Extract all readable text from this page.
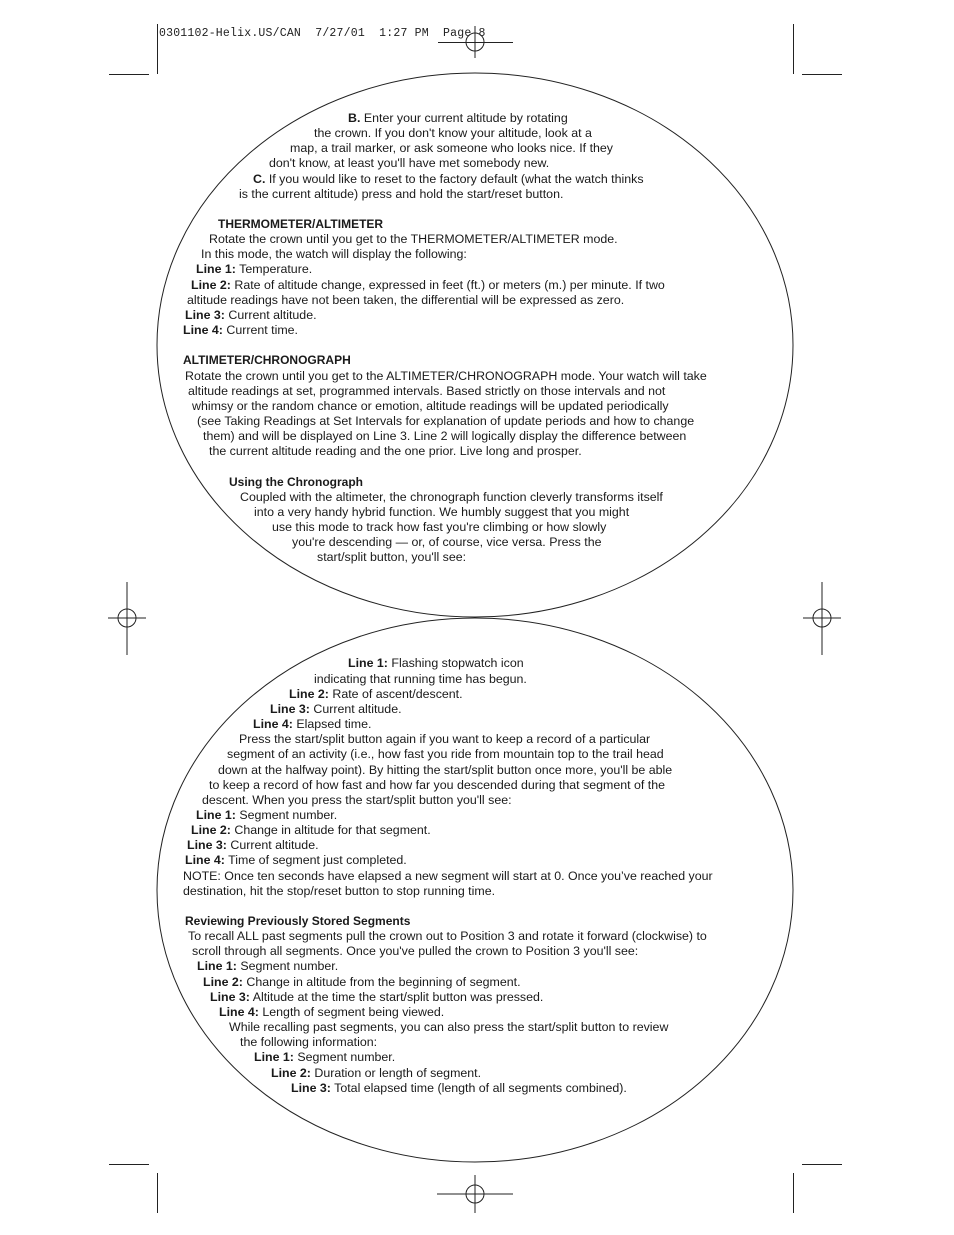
0301102-Helix.US/CAN  7/27/01  1:27 PM  Page 8
B. Enter your current altitude by rotating
the crown. If you don't know your altitude, look at a
map, a trail marker, or ask someone who looks nice. If they
don't know, at least you'll have met somebody new.
C. If you would like to reset to the factory default (what the watch thinks
is the current altitude) press and hold the start/reset button.
THERMOMETER/ALTIMETER
Rotate the crown until you get to the THERMOMETER/ALTIMETER mode.
In this mode, the watch will display the following:
Line 1: Temperature.
Line 2: Rate of altitude change, expressed in feet (ft.) or meters (m.) per minute. If two
altitude readings have not been taken, the differential will be expressed as zero.
Line 3: Current altitude.
Line 4: Current time.
ALTIMETER/CHRONOGRAPH
Rotate the crown until you get to the ALTIMETER/CHRONOGRAPH mode. Your watch will take
altitude readings at set, programmed intervals. Based strictly on those intervals and not
whimsy or the random chance or emotion, altitude readings will be updated periodically
(see Taking Readings at Set Intervals for explanation of update periods and how to change
them) and will be displayed on Line 3. Line 2 will logically display the difference between
the current altitude reading and the one prior. Live long and prosper.
Using the Chronograph
Coupled with the altimeter, the chronograph function cleverly transforms itself
into a very handy hybrid function. We humbly suggest that you might
use this mode to track how fast you're climbing or how slowly
you're descending — or, of course, vice versa. Press the
start/split button, you'll see:
Line 1: Flashing stopwatch icon
indicating that running time has begun.
Line 2: Rate of ascent/descent.
Line 3: Current altitude.
Line 4: Elapsed time.
Press the start/split button again if you want to keep a record of a particular
segment of an activity (i.e., how fast you ride from mountain top to the trail head
down at the halfway point). By hitting the start/split button once more, you'll be able
to keep a record of how fast and how far you descended during that segment of the
descent. When you press the start/split button you'll see:
Line 1: Segment number.
Line 2: Change in altitude for that segment.
Line 3: Current altitude.
Line 4: Time of segment just completed.
NOTE: Once ten seconds have elapsed a new segment will start at 0. Once you’ve reached your
destination, hit the stop/reset button to stop running time.
Reviewing Previously Stored Segments
To recall ALL past segments pull the crown out to Position 3 and rotate it forward (clockwise) to
scroll through all segments. Once you've pulled the crown to Position 3 you'll see:
Line 1: Segment number.
Line 2: Change in altitude from the beginning of segment.
Line 3: Altitude at the time the start/split button was pressed.
Line 4: Length of segment being viewed.
While recalling past segments, you can also press the start/split button to review
the following information:
Line 1: Segment number.
Line 2: Duration or length of segment.
Line 3: Total elapsed time (length of all segments combined).
